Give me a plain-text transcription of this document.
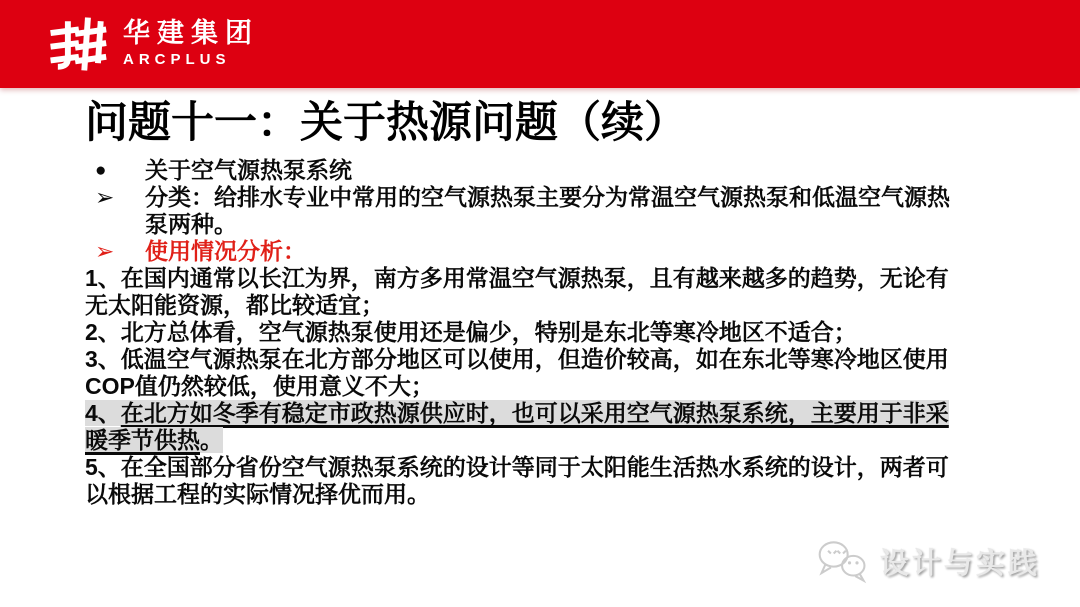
华建集团
ARCPLUS
问题十一：关于热源问题（续）
●	关于空气源热泵系统
➢	分类：给排水专业中常用的空气源热泵主要分为常温空气源热泵和低温空气源热泵两种。
➢	使用情况分析：

1、在国内通常以长江为界，南方多用常温空气源热泵，且有越来越多的趋势，无论有无太阳能资源，都比较适宜；

2、北方总体看，空气源热泵使用还是偏少，特别是东北等寒冷地区不适合；

3、低温空气源热泵在北方部分地区可以使用，但造价较高，如在东北等寒冷地区使用COP值仍然较低，使用意义不大；

4、在北方如冬季有稳定市政热源供应时，也可以采用空气源热泵系统，主要用于非采暖季节供热。

5、在全国部分省份空气源热泵系统的设计等同于太阳能生活热水系统的设计，两者可以根据工程的实际情况择优而用。

设计与实践
